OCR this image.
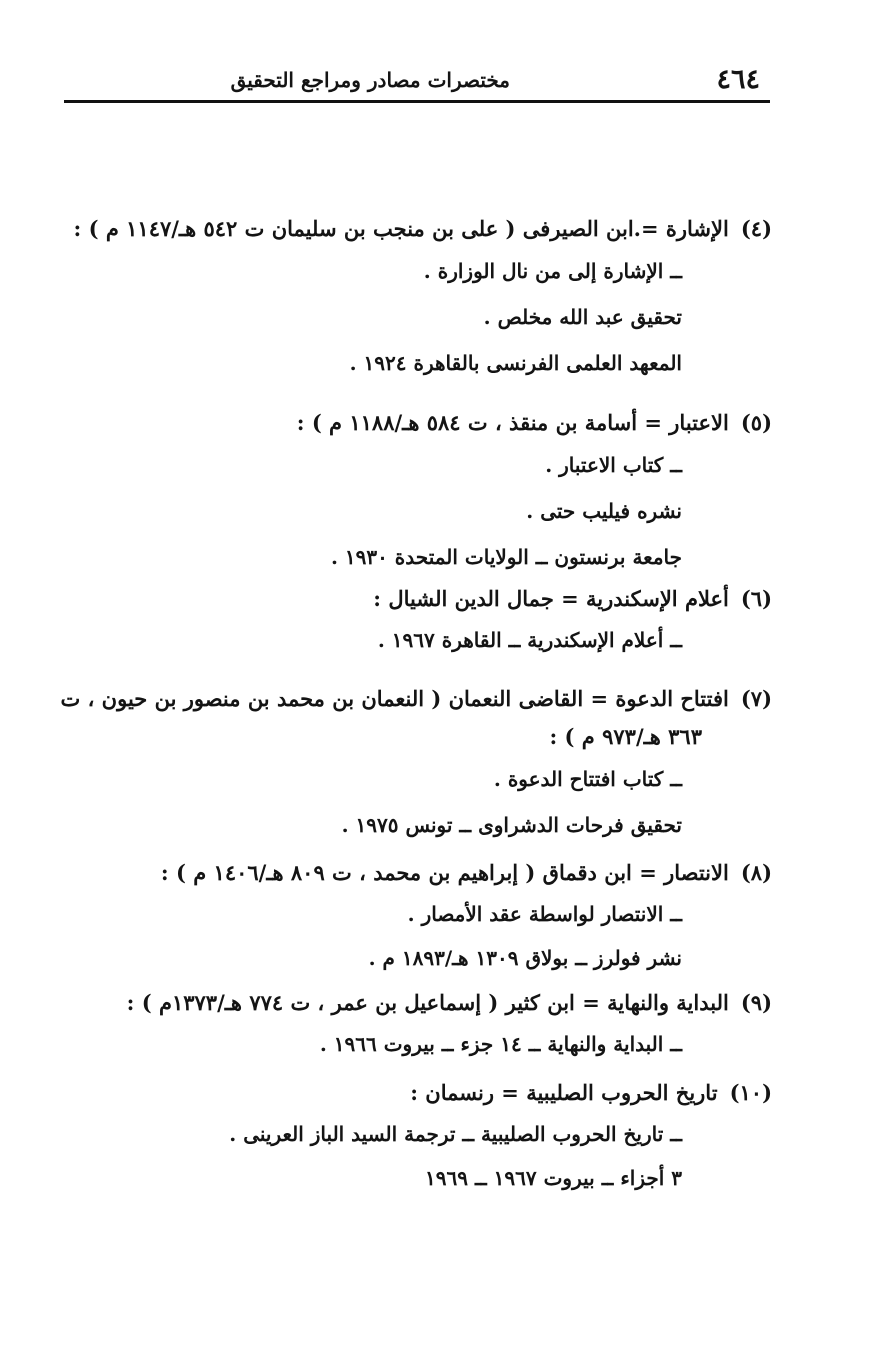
٤٦٤
مختصرات مصادر ومراجع التحقيق

(٤)الإشارة =.ابن الصيرفى ( على بن منجب بن سليمان ت ٥٤٢ هـ/١١٤٧ م ) :

ــ الإشارة إلى من نال الوزارة .

تحقيق عبد الله مخلص .

المعهد العلمى الفرنسى بالقاهرة ١٩٢٤ .

(٥)الاعتبار = أسامة بن منقذ ، ت ٥٨٤ هـ/١١٨٨ م ) :

ــ كتاب الاعتبار .

نشره فيليب حتى .

جامعة برنستون ــ الولايات المتحدة ١٩٣٠ .

(٦)أعلام الإسكندرية = جمال الدين الشيال :

ــ أعلام الإسكندرية ــ القاهرة ١٩٦٧ .

(٧)افتتاح الدعوة = القاضى النعمان ( النعمان بن محمد بن منصور بن حيون ، ت

٣٦٣ هـ/٩٧٣ م ) :

ــ كتاب افتتاح الدعوة .

تحقيق فرحات الدشراوى ــ تونس ١٩٧٥ .

(٨)الانتصار = ابن دقماق ( إبراهيم بن محمد ، ت ٨٠٩ هـ/١٤٠٦ م ) :

ــ الانتصار لواسطة عقد الأمصار .

نشر فولرز ــ بولاق ١٣٠٩ هـ/١٨٩٣ م .

(٩)البداية والنهاية = ابن كثير ( إسماعيل بن عمر ، ت ٧٧٤ هـ/١٣٧٣م ) :

ــ البداية والنهاية ــ ١٤ جزء ــ بيروت ١٩٦٦ .

(١٠)تاريخ الحروب الصليبية = رنسمان :

ــ تاريخ الحروب الصليبية ــ ترجمة السيد الباز العرينى .

٣ أجزاء ــ بيروت ١٩٦٧ ــ ١٩٦٩
